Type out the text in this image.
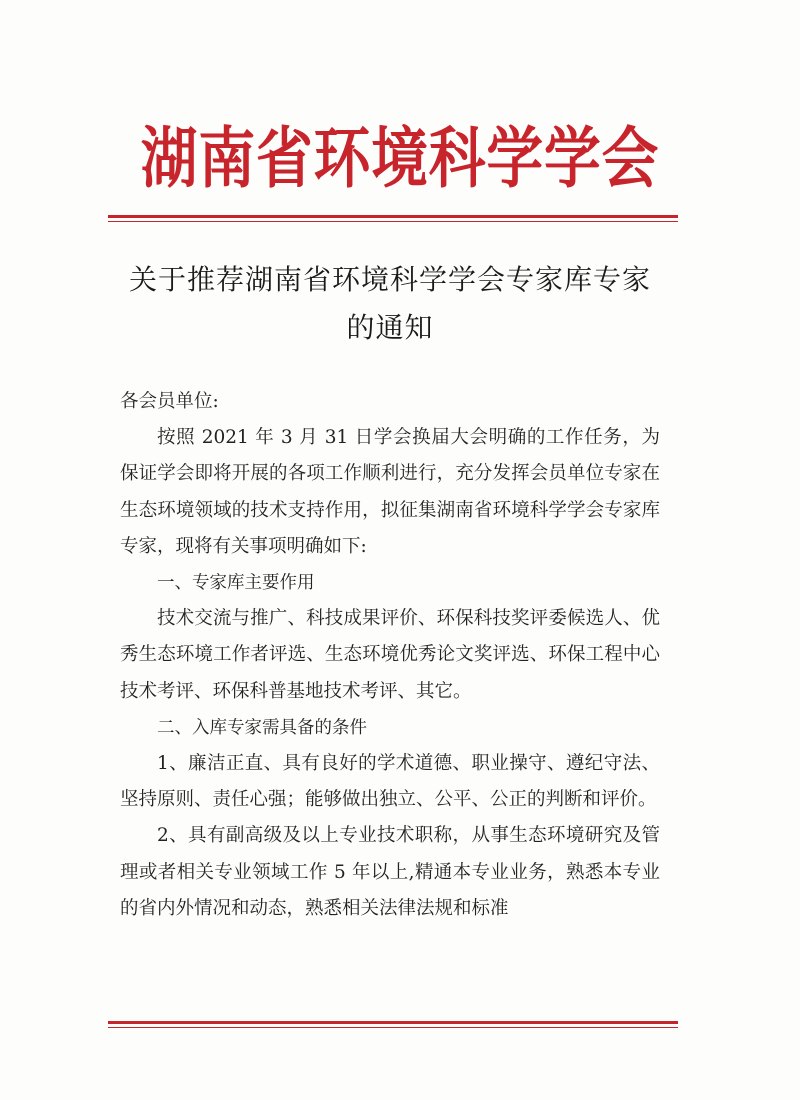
湖南省环境科学学会
关于推荐湖南省环境科学学会专家库专家
的通知

各会员单位:

按照 2021 年 3 月 31 日学会换届大会明确的工作任务，为保证学会即将开展的各项工作顺利进行，充分发挥会员单位专家在生态环境领域的技术支持作用，拟征集湖南省环境科学学会专家库专家，现将有关事项明确如下:

一、专家库主要作用

技术交流与推广、科技成果评价、环保科技奖评委候选人、优秀生态环境工作者评选、生态环境优秀论文奖评选、环保工程中心技术考评、环保科普基地技术考评、其它。

二、入库专家需具备的条件

1、廉洁正直、具有良好的学术道德、职业操守、遵纪守法、坚持原则、责任心强；能够做出独立、公平、公正的判断和评价。

2、具有副高级及以上专业技术职称，从事生态环境研究及管理或者相关专业领域工作 5 年以上,精通本专业业务，熟悉本专业的省内外情况和动态，熟悉相关法律法规和标准
